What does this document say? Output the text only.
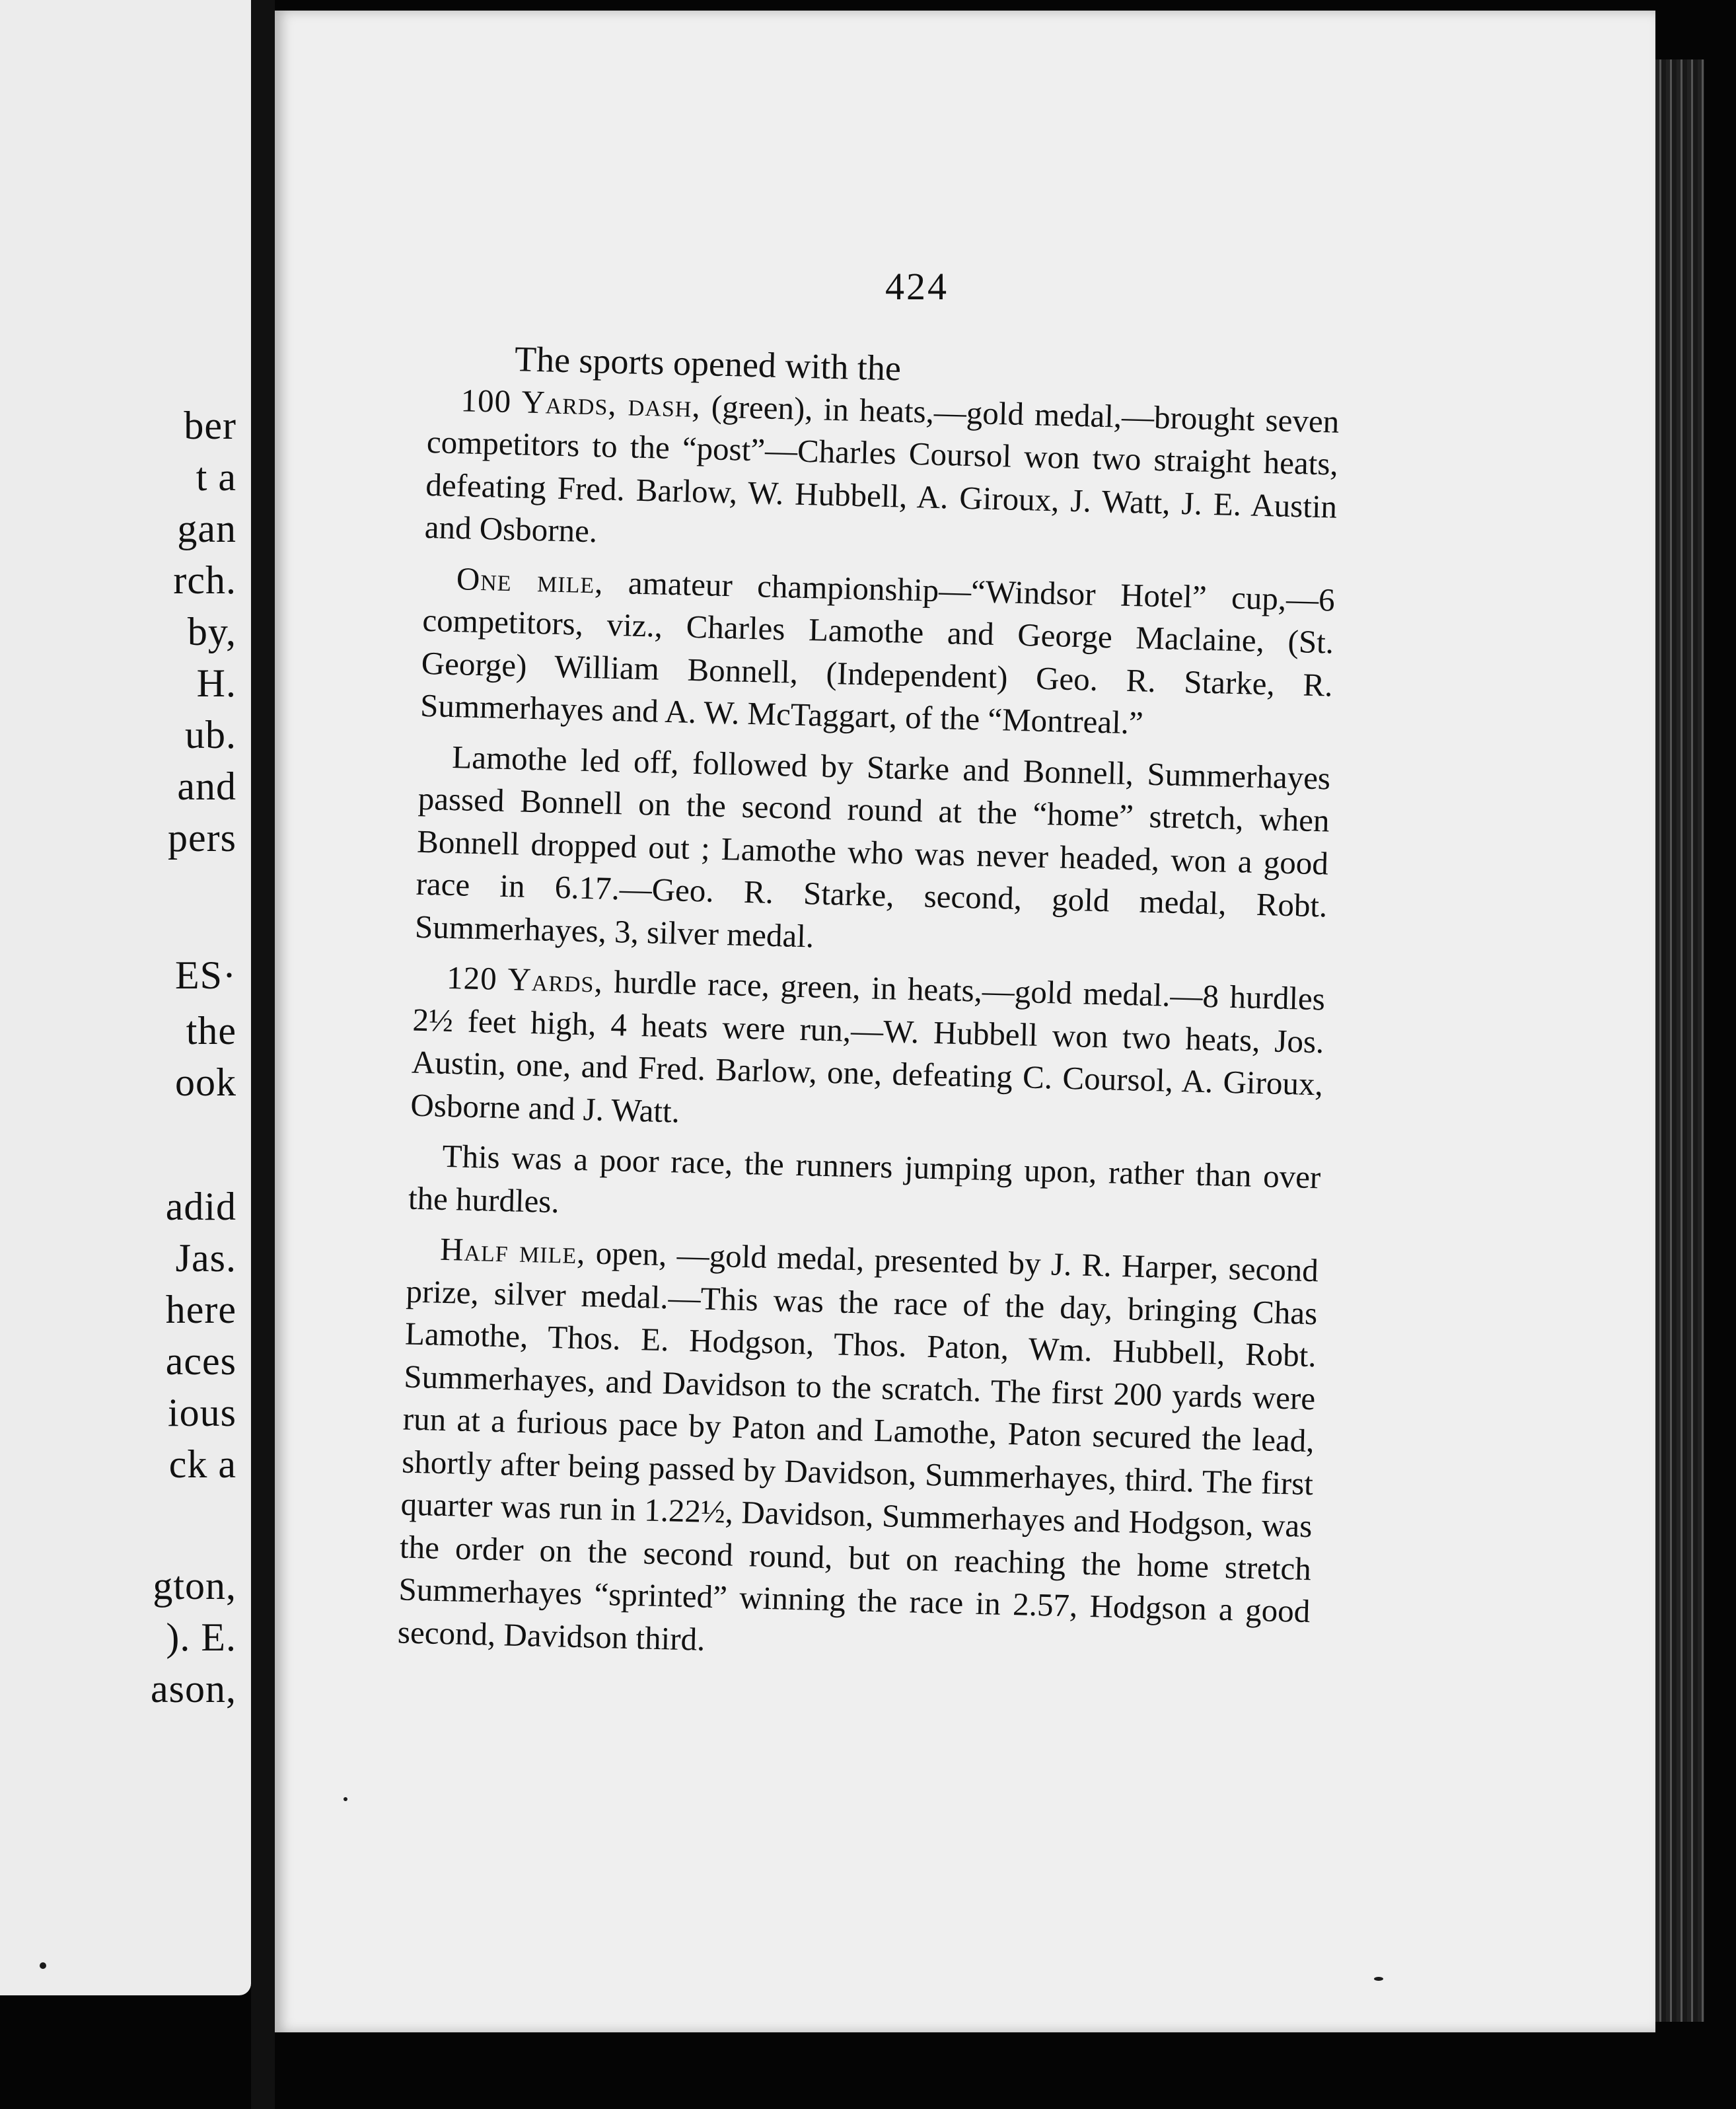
ber
t a
gan
rch.
by,
H.
ub.
and
pers
ES·
the
ook
adid
Jas.
here
aces
ious
ck a
gton,
). E.
ason,
424

The sports opened with the

100 Yards, dash, (green), in heats,—gold medal,—brought seven competitors to the “post”—Charles Coursol won two straight heats, defeating Fred. Barlow, W. Hubbell, A. Giroux, J. Watt, J. E. Austin and Osborne.

One mile, amateur championship—“Windsor Hotel” cup,—6 competitors, viz., Charles Lamothe and George Maclaine, (St. George) William Bonnell, (Independent) Geo. R. Starke, R. Summerhayes and A. W. McTaggart, of the “Montreal.”

Lamothe led off, followed by Starke and Bonnell, Summerhayes passed Bonnell on the second round at the “home” stretch, when Bonnell dropped out ; Lamothe who was never headed, won a good race in 6.17.—Geo. R. Starke, second, gold medal, Robt. Summerhayes, 3, silver medal.

120 Yards, hurdle race, green, in heats,—gold medal.—8 hurdles 2½ feet high, 4 heats were run,—W. Hubbell won two heats, Jos. Austin, one, and Fred. Barlow, one, defeating C. Coursol, A. Giroux, Osborne and J. Watt.

This was a poor race, the runners jumping upon, rather than over the hurdles.

Half mile, open, —gold medal, presented by J. R. Harper, second prize, silver medal.—This was the race of the day, bringing Chas Lamothe, Thos. E. Hodgson, Thos. Paton, Wm. Hubbell, Robt. Summerhayes, and Davidson to the scratch. The first 200 yards were run at a furious pace by Paton and Lamothe, Paton secured the lead, shortly after being passed by Davidson, Summerhayes, third. The first quarter was run in 1.22½, Davidson, Summerhayes and Hodgson, was the order on the second round, but on reaching the home stretch Summerhayes “sprinted” winning the race in 2.57, Hodgson a good second, Davidson third.
